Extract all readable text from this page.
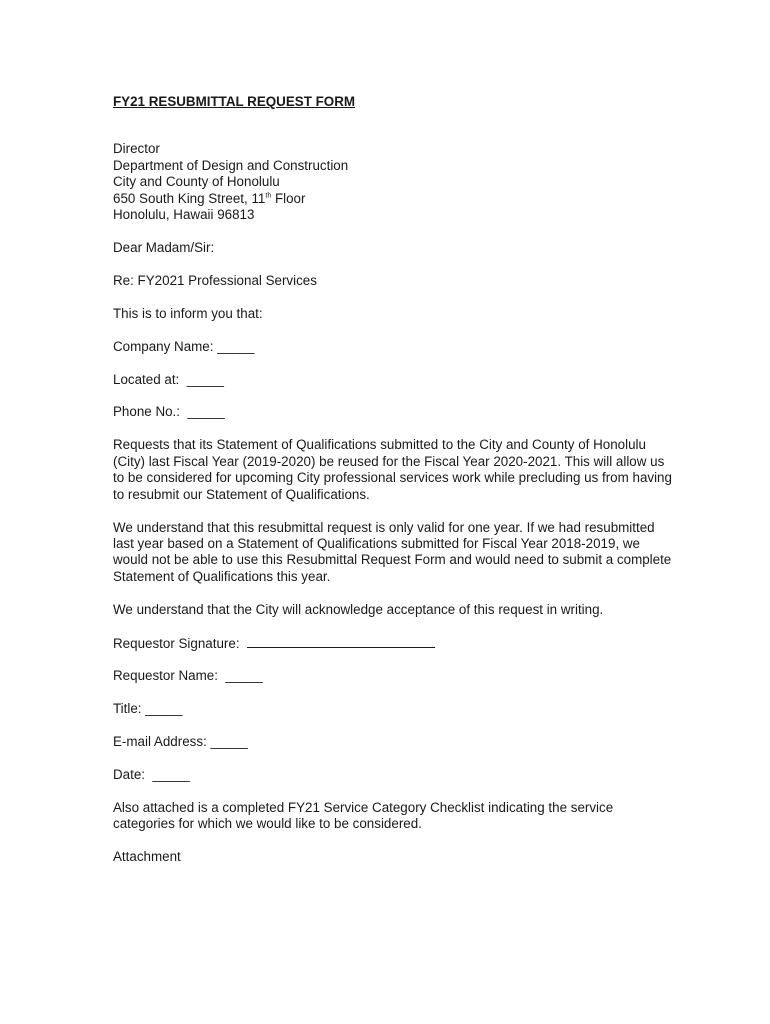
FY21 RESUBMITTAL REQUEST FORM

Director
Department of Design and Construction
City and County of Honolulu
650 South King Street, 11th Floor
Honolulu, Hawaii 96813

Dear Madam/Sir:

Re: FY2021 Professional Services

This is to inform you that:

Company Name: _____

Located at: _____

Phone No.: _____

Requests that its Statement of Qualifications submitted to the City and County of Honolulu (City) last Fiscal Year (2019-2020) be reused for the Fiscal Year 2020-2021. This will allow us to be considered for upcoming City professional services work while precluding us from having to resubmit our Statement of Qualifications.

We understand that this resubmittal request is only valid for one year. If we had resubmitted last year based on a Statement of Qualifications submitted for Fiscal Year 2018-2019, we would not be able to use this Resubmittal Request Form and would need to submit a complete Statement of Qualifications this year.

We understand that the City will acknowledge acceptance of this request in writing.

Requestor Signature:

Requestor Name: _____

Title: _____

E-mail Address: _____

Date: _____

Also attached is a completed FY21 Service Category Checklist indicating the service categories for which we would like to be considered.

Attachment
